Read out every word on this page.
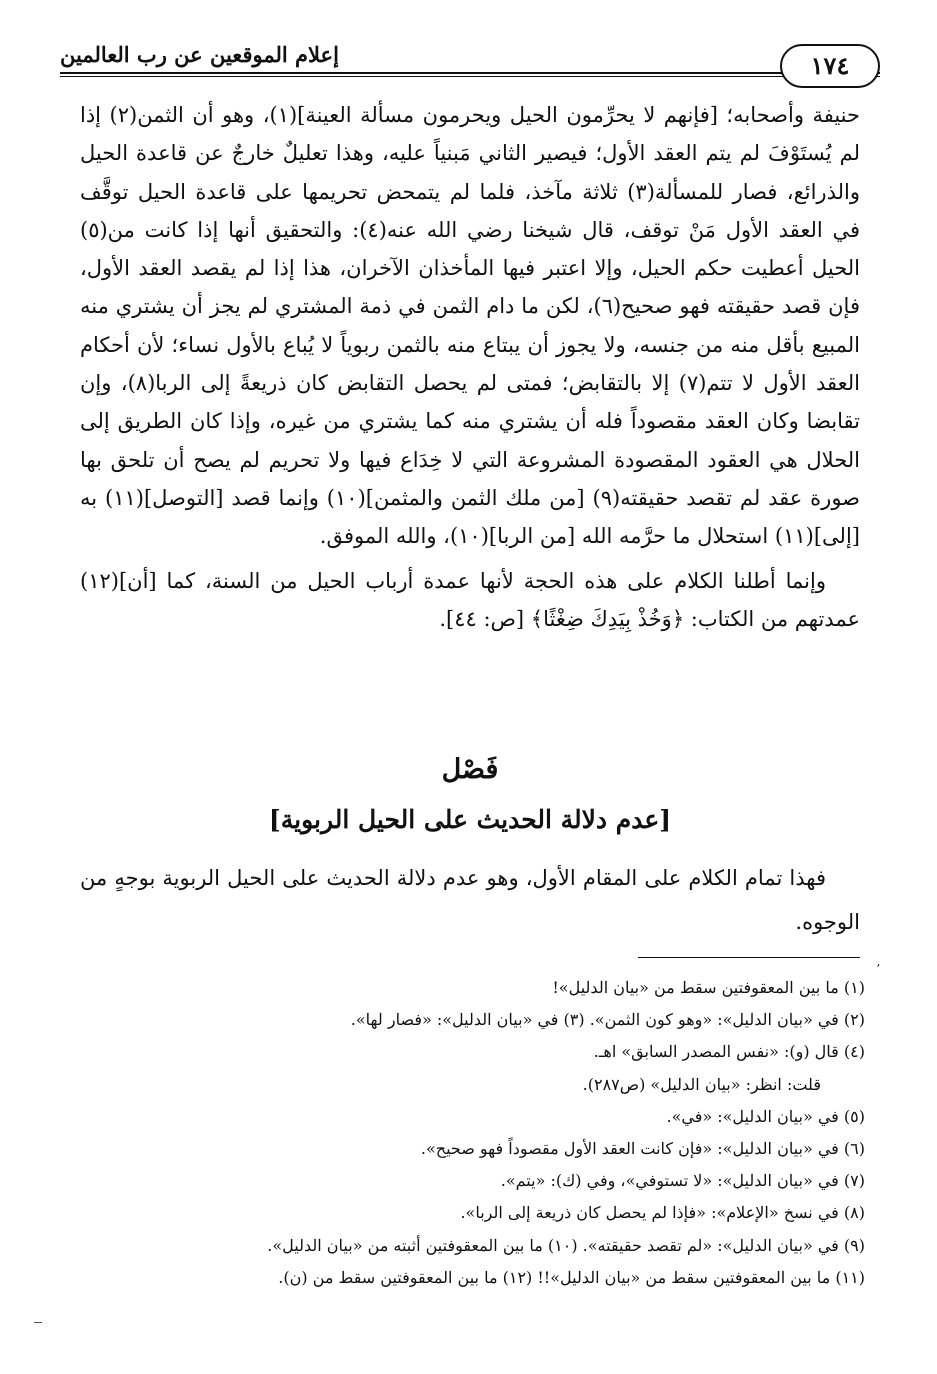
إعلام الموقعين عن رب العالمين	١٧٤

حنيفة وأصحابه؛ [فإنهم لا يحرِّمون الحيل ويحرمون مسألة العينة](١)، وهو أن الثمن(٢) إذا لم يُستَوْفَ لم يتم العقد الأول؛ فيصير الثاني مَبنياً عليه، وهذا تعليلٌ خارجٌ عن قاعدة الحيل والذرائع، فصار للمسألة(٣) ثلاثة مآخذ، فلما لم يتمحض تحريمها على قاعدة الحيل توقَّف في العقد الأول مَنْ توقف، قال شيخنا رضي الله عنه(٤): والتحقيق أنها إذا كانت من(٥) الحيل أعطيت حكم الحيل، وإلا اعتبر فيها المأخذان الآخران، هذا إذا لم يقصد العقد الأول، فإن قصد حقيقته فهو صحيح(٦)، لكن ما دام الثمن في ذمة المشتري لم يجز أن يشتري منه المبيع بأقل منه من جنسه، ولا يجوز أن يبتاع منه بالثمن ربوياً لا يُباع بالأول نساء؛ لأن أحكام العقد الأول لا تتم(٧) إلا بالتقابض؛ فمتى لم يحصل التقابض كان ذريعةً إلى الربا(٨)، وإن تقابضا وكان العقد مقصوداً فله أن يشتري منه كما يشتري من غيره، وإذا كان الطريق إلى الحلال هي العقود المقصودة المشروعة التي لا خِدَاع فيها ولا تحريم لم يصح أن تلحق بها صورة عقد لم تقصد حقيقته(٩) [من ملك الثمن والمثمن](١٠) وإنما قصد [التوصل](١١) به [إلى](١١) استحلال ما حرَّمه الله [من الربا](١٠)، والله الموفق.

وإنما أطلنا الكلام على هذه الحجة لأنها عمدة أرباب الحيل من السنة، كما [أن](١٢) عمدتهم من الكتاب: ﴿وَخُذْ بِيَدِكَ ضِغْثًا﴾ [ص: ٤٤].

فَصْل
[عدم دلالة الحديث على الحيل الربوية]

فهذا تمام الكلام على المقام الأول، وهو عدم دلالة الحديث على الحيل الربوية بوجهٍ من الوجوه.

ʼ
(١) ما بين المعقوفتين سقط من «بيان الدليل»!
(٢) في «بيان الدليل»: «وهو كون الثمن». (٣) في «بيان الدليل»: «فصار لها».
(٤) قال (و): «نفس المصدر السابق» اهـ.
قلت: انظر: «بيان الدليل» (ص٢٨٧).
(٥) في «بيان الدليل»: «في».
(٦) في «بيان الدليل»: «فإن كانت العقد الأول مقصوداً فهو صحيح».
(٧) في «بيان الدليل»: «لا تستوفي»، وفي (ك): «يتم».
(٨) في نسخ «الإعلام»: «فإذا لم يحصل كان ذريعة إلى الربا».
(٩) في «بيان الدليل»: «لم تقصد حقيقته». (١٠) ما بين المعقوفتين أثبته من «بيان الدليل».
(١١) ما بين المعقوفتين سقط من «بيان الدليل»!! (١٢) ما بين المعقوفتين سقط من (ن).
